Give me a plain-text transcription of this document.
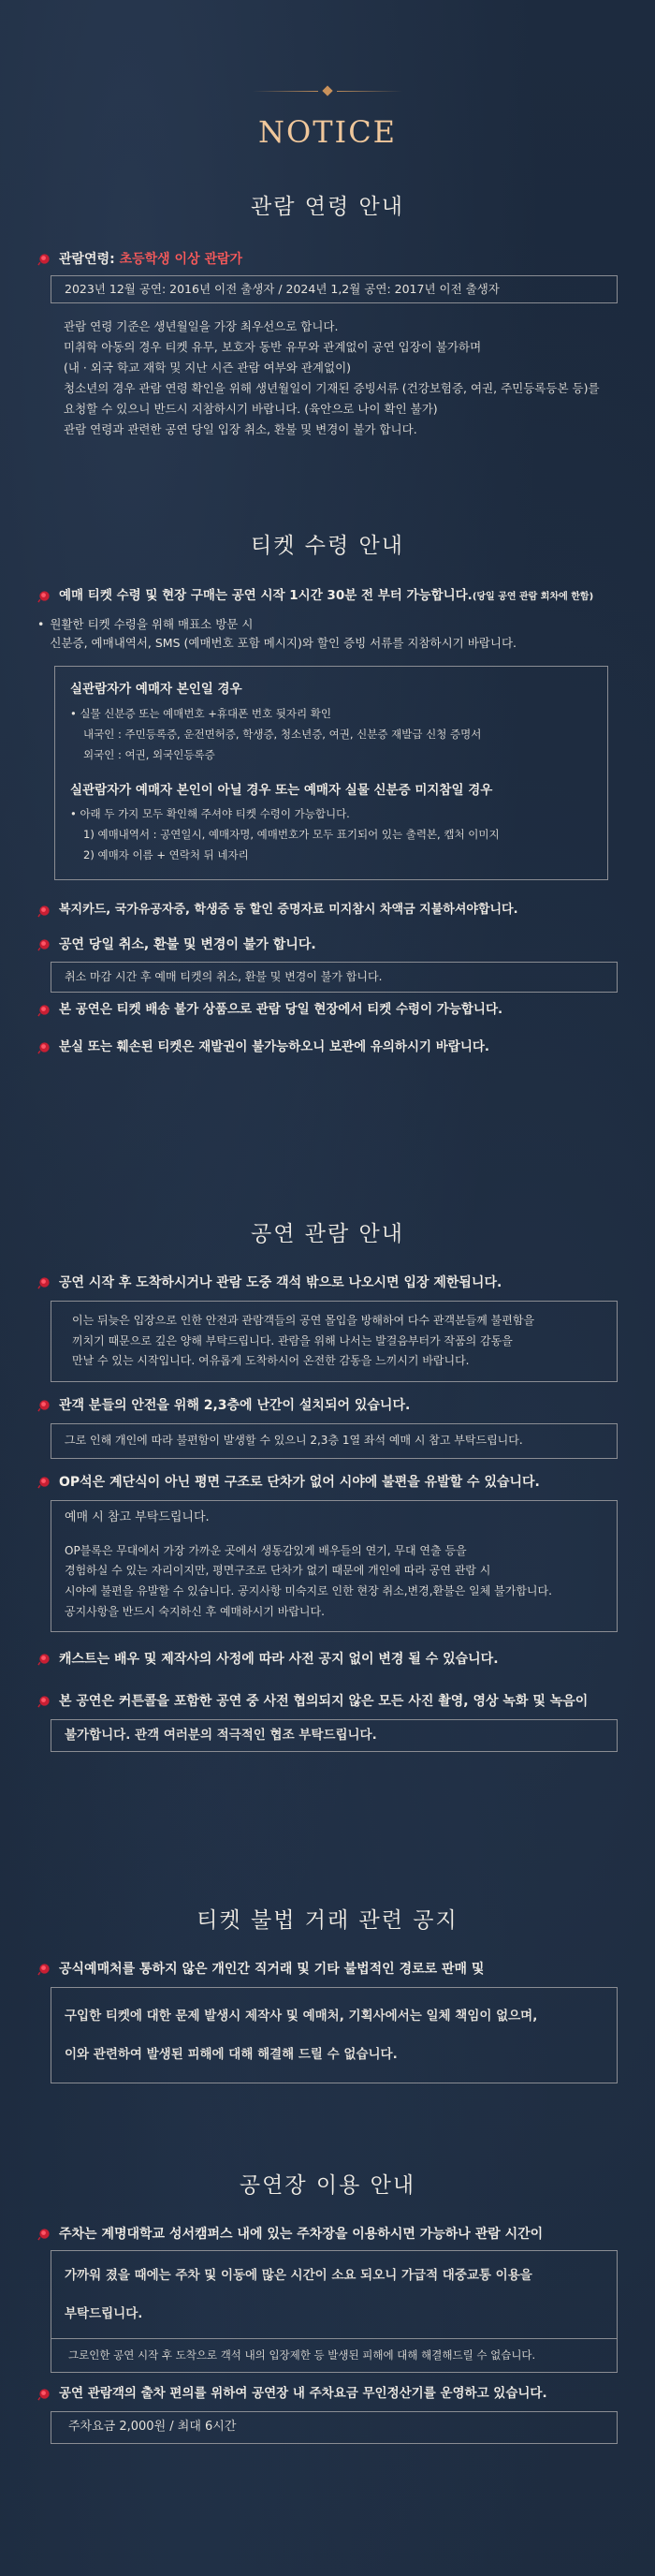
NOTICE
관람 연령 안내
관람연령: 초등학생 이상 관람가
2023년 12월 공연: 2016년 이전 출생자 / 2024년 1,2월 공연: 2017년 이전 출생자
관람 연령 기준은 생년월일을 가장 최우선으로 합니다.
미취학 아동의 경우 티켓 유무, 보호자 동반 유무와 관계없이 공연 입장이 불가하며
(내 · 외국 학교 재학 및 지난 시즌 관람 여부와 관계없이)
청소년의 경우 관람 연령 확인을 위해 생년월일이 기재된 증빙서류 (건강보험증, 여권, 주민등록등본 등)를
요청할 수 있으니 반드시 지참하시기 바랍니다. (육안으로 나이 확인 불가)
관람 연령과 관련한 공연 당일 입장 취소, 환불 및 변경이 불가 합니다.
티켓 수령 안내
예매 티켓 수령 및 현장 구매는 공연 시작 1시간 30분 전 부터 가능합니다.(당일 공연 관람 회차에 한함)
• 원활한 티켓 수령을 위해 매표소 방문 시
신분증, 예매내역서, SMS (예매번호 포함 메시지)와 할인 증빙 서류를 지참하시기 바랍니다.
실관람자가 예매자 본인일 경우
• 실물 신분증 또는 예매번호 +휴대폰 번호 뒷자리 확인
내국인 : 주민등록증, 운전면허증, 학생증, 청소년증, 여권, 신분증 재발급 신청 증명서
외국인 : 여권, 외국인등록증
실관람자가 예매자 본인이 아닐 경우 또는 예매자 실물 신분증 미지참일 경우
• 아래 두 가지 모두 확인해 주셔야 티켓 수령이 가능합니다.
1) 예매내역서 : 공연일시, 예매자명, 예매번호가 모두 표기되어 있는 출력본, 캡처 이미지
2) 예매자 이름 + 연락처 뒤 네자리
복지카드, 국가유공자증, 학생증 등 할인 증명자료 미지참시 차액금 지불하셔야합니다.
공연 당일 취소, 환불 및 변경이 불가 합니다.
취소 마감 시간 후 예매 티켓의 취소, 환불 및 변경이 불가 합니다.
본 공연은 티켓 배송 불가 상품으로 관람 당일 현장에서 티켓 수령이 가능합니다.
분실 또는 훼손된 티켓은 재발권이 불가능하오니 보관에 유의하시기 바랍니다.
공연 관람 안내
공연 시작 후 도착하시거나 관람 도중 객석 밖으로 나오시면 입장 제한됩니다.
이는 뒤늦은 입장으로 인한 안전과 관람객들의 공연 몰입을 방해하여 다수 관객분들께 불편함을
끼치기 때문으로 깊은 양해 부탁드립니다. 관람을 위해 나서는 발걸음부터가 작품의 감동을
만날 수 있는 시작입니다. 여유롭게 도착하시어 온전한 감동을 느끼시기 바랍니다.
관객 분들의 안전을 위해 2,3층에 난간이 설치되어 있습니다.
그로 인해 개인에 따라 불편함이 발생할 수 있으니 2,3층 1열 좌석 예매 시 참고 부탁드립니다.
OP석은 계단식이 아닌 평면 구조로 단차가 없어 시야에 불편을 유발할 수 있습니다.
예매 시 참고 부탁드립니다.
OP블록은 무대에서 가장 가까운 곳에서 생동감있게 배우들의 연기, 무대 연출 등을
경험하실 수 있는 자리이지만, 평면구조로 단차가 없기 때문에 개인에 따라 공연 관람 시
시야에 불편을 유발할 수 있습니다. 공지사항 미숙지로 인한 현장 취소,변경,환불은 일체 불가합니다.
공지사항을 반드시 숙지하신 후 예매하시기 바랍니다.
캐스트는 배우 및 제작사의 사정에 따라 사전 공지 없이 변경 될 수 있습니다.
본 공연은 커튼콜을 포함한 공연 중 사전 협의되지 않은 모든 사진 촬영, 영상 녹화 및 녹음이
불가합니다. 관객 여러분의 적극적인 협조 부탁드립니다.
티켓 불법 거래 관련 공지
공식예매처를 통하지 않은 개인간 직거래 및 기타 불법적인 경로로 판매 및
구입한 티켓에 대한 문제 발생시 제작사 및 예매처, 기획사에서는 일체 책임이 없으며,
이와 관련하여 발생된 피해에 대해 해결해 드릴 수 없습니다.
공연장 이용 안내
주차는 계명대학교 성서캠퍼스 내에 있는 주차장을 이용하시면 가능하나 관람 시간이
가까워 졌을 때에는 주차 및 이동에 많은 시간이 소요 되오니 가급적 대중교통 이용을
부탁드립니다.
그로인한 공연 시작 후 도착으로 객석 내의 입장제한 등 발생된 피해에 대해 해결해드릴 수 없습니다.
공연 관람객의 출차 편의를 위하여 공연장 내 주차요금 무인정산기를 운영하고 있습니다.
주차요금 2,000원 / 최대 6시간
